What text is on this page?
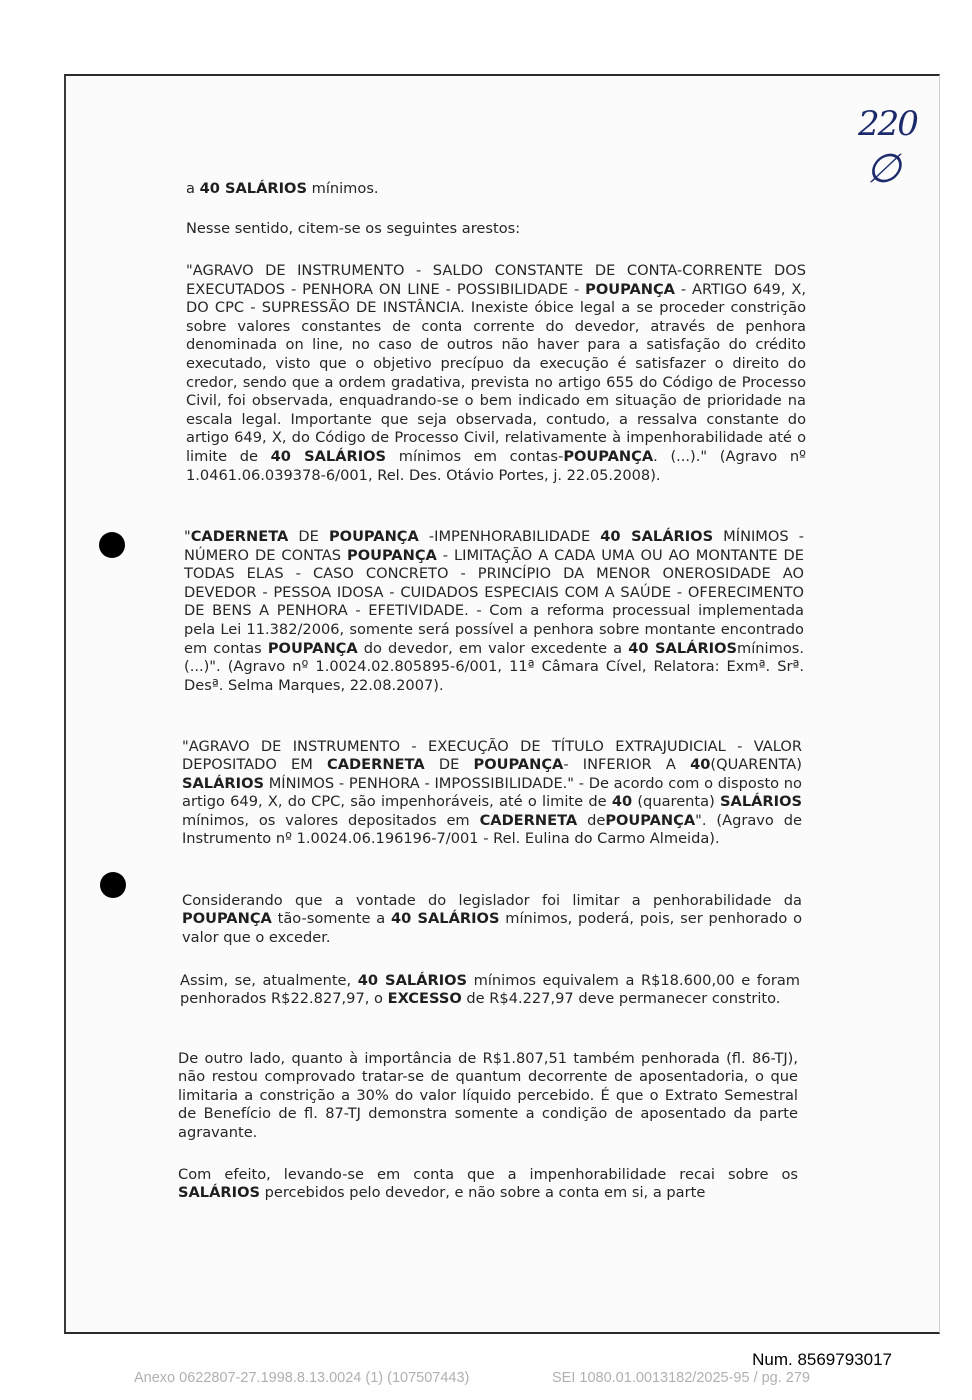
220
∅
a 40 SALÁRIOS mínimos.
Nesse sentido, citem-se os seguintes arestos:
"AGRAVO DE INSTRUMENTO - SALDO CONSTANTE DE CONTA-CORRENTE DOS EXECUTADOS - PENHORA ON LINE - POSSIBILIDADE - POUPANÇA - ARTIGO 649, X, DO CPC - SUPRESSÃO DE INSTÂNCIA. Inexiste óbice legal a se proceder constrição sobre valores constantes de conta corrente do devedor, através de penhora denominada on line, no caso de outros não haver para a satisfação do crédito executado, visto que o objetivo precípuo da execução é satisfazer o direito do credor, sendo que a ordem gradativa, prevista no artigo 655 do Código de Processo Civil, foi observada, enquadrando-se o bem indicado em situação de prioridade na escala legal. Importante que seja observada, contudo, a ressalva constante do artigo 649, X, do Código de Processo Civil, relativamente à impenhorabilidade até o limite de 40 SALÁRIOS mínimos em contas-POUPANÇA. (...)." (Agravo nº 1.0461.06.039378-6/001, Rel. Des. Otávio Portes, j. 22.05.2008).
"CADERNETA DE POUPANÇA -IMPENHORABILIDADE 40 SALÁRIOS MÍNIMOS - NÚMERO DE CONTAS POUPANÇA - LIMITAÇÃO A CADA UMA OU AO MONTANTE DE TODAS ELAS - CASO CONCRETO - PRINCÍPIO DA MENOR ONEROSIDADE AO DEVEDOR - PESSOA IDOSA - CUIDADOS ESPECIAIS COM A SAÚDE - OFERECIMENTO DE BENS A PENHORA - EFETIVIDADE. - Com a reforma processual implementada pela Lei 11.382/2006, somente será possível a penhora sobre montante encontrado em contas POUPANÇA do devedor, em valor excedente a 40 SALÁRIOSmínimos. (...)". (Agravo nº 1.0024.02.805895-6/001, 11ª Câmara Cível, Relatora: Exmª. Srª. Desª. Selma Marques, 22.08.2007).
"AGRAVO DE INSTRUMENTO - EXECUÇÃO DE TÍTULO EXTRAJUDICIAL - VALOR DEPOSITADO EM CADERNETA DE POUPANÇA- INFERIOR A 40(QUARENTA) SALÁRIOS MÍNIMOS - PENHORA - IMPOSSIBILIDADE." - De acordo com o disposto no artigo 649, X, do CPC, são impenhoráveis, até o limite de 40 (quarenta) SALÁRIOS mínimos, os valores depositados em CADERNETA dePOUPANÇA". (Agravo de Instrumento nº 1.0024.06.196196-7/001 - Rel. Eulina do Carmo Almeida).
Considerando que a vontade do legislador foi limitar a penhorabilidade da POUPANÇA tão-somente a 40 SALÁRIOS mínimos, poderá, pois, ser penhorado o valor que o exceder.
Assim, se, atualmente, 40 SALÁRIOS mínimos equivalem a R$18.600,00 e foram penhorados R$22.827,97, o EXCESSO de R$4.227,97 deve permanecer constrito.
De outro lado, quanto à importância de R$1.807,51 também penhorada (fl. 86-TJ), não restou comprovado tratar-se de quantum decorrente de aposentadoria, o que limitaria a constrição a 30% do valor líquido percebido. É que o Extrato Semestral de Benefício de fl. 87-TJ demonstra somente a condição de aposentado da parte agravante.
Com efeito, levando-se em conta que a impenhorabilidade recai sobre os SALÁRIOS percebidos pelo devedor, e não sobre a conta em si, a parte
Num. 8569793017
Anexo 0622807-27.1998.8.13.0024 (1) (107507443)	SEI 1080.01.0013182/2025-95 / pg. 279
